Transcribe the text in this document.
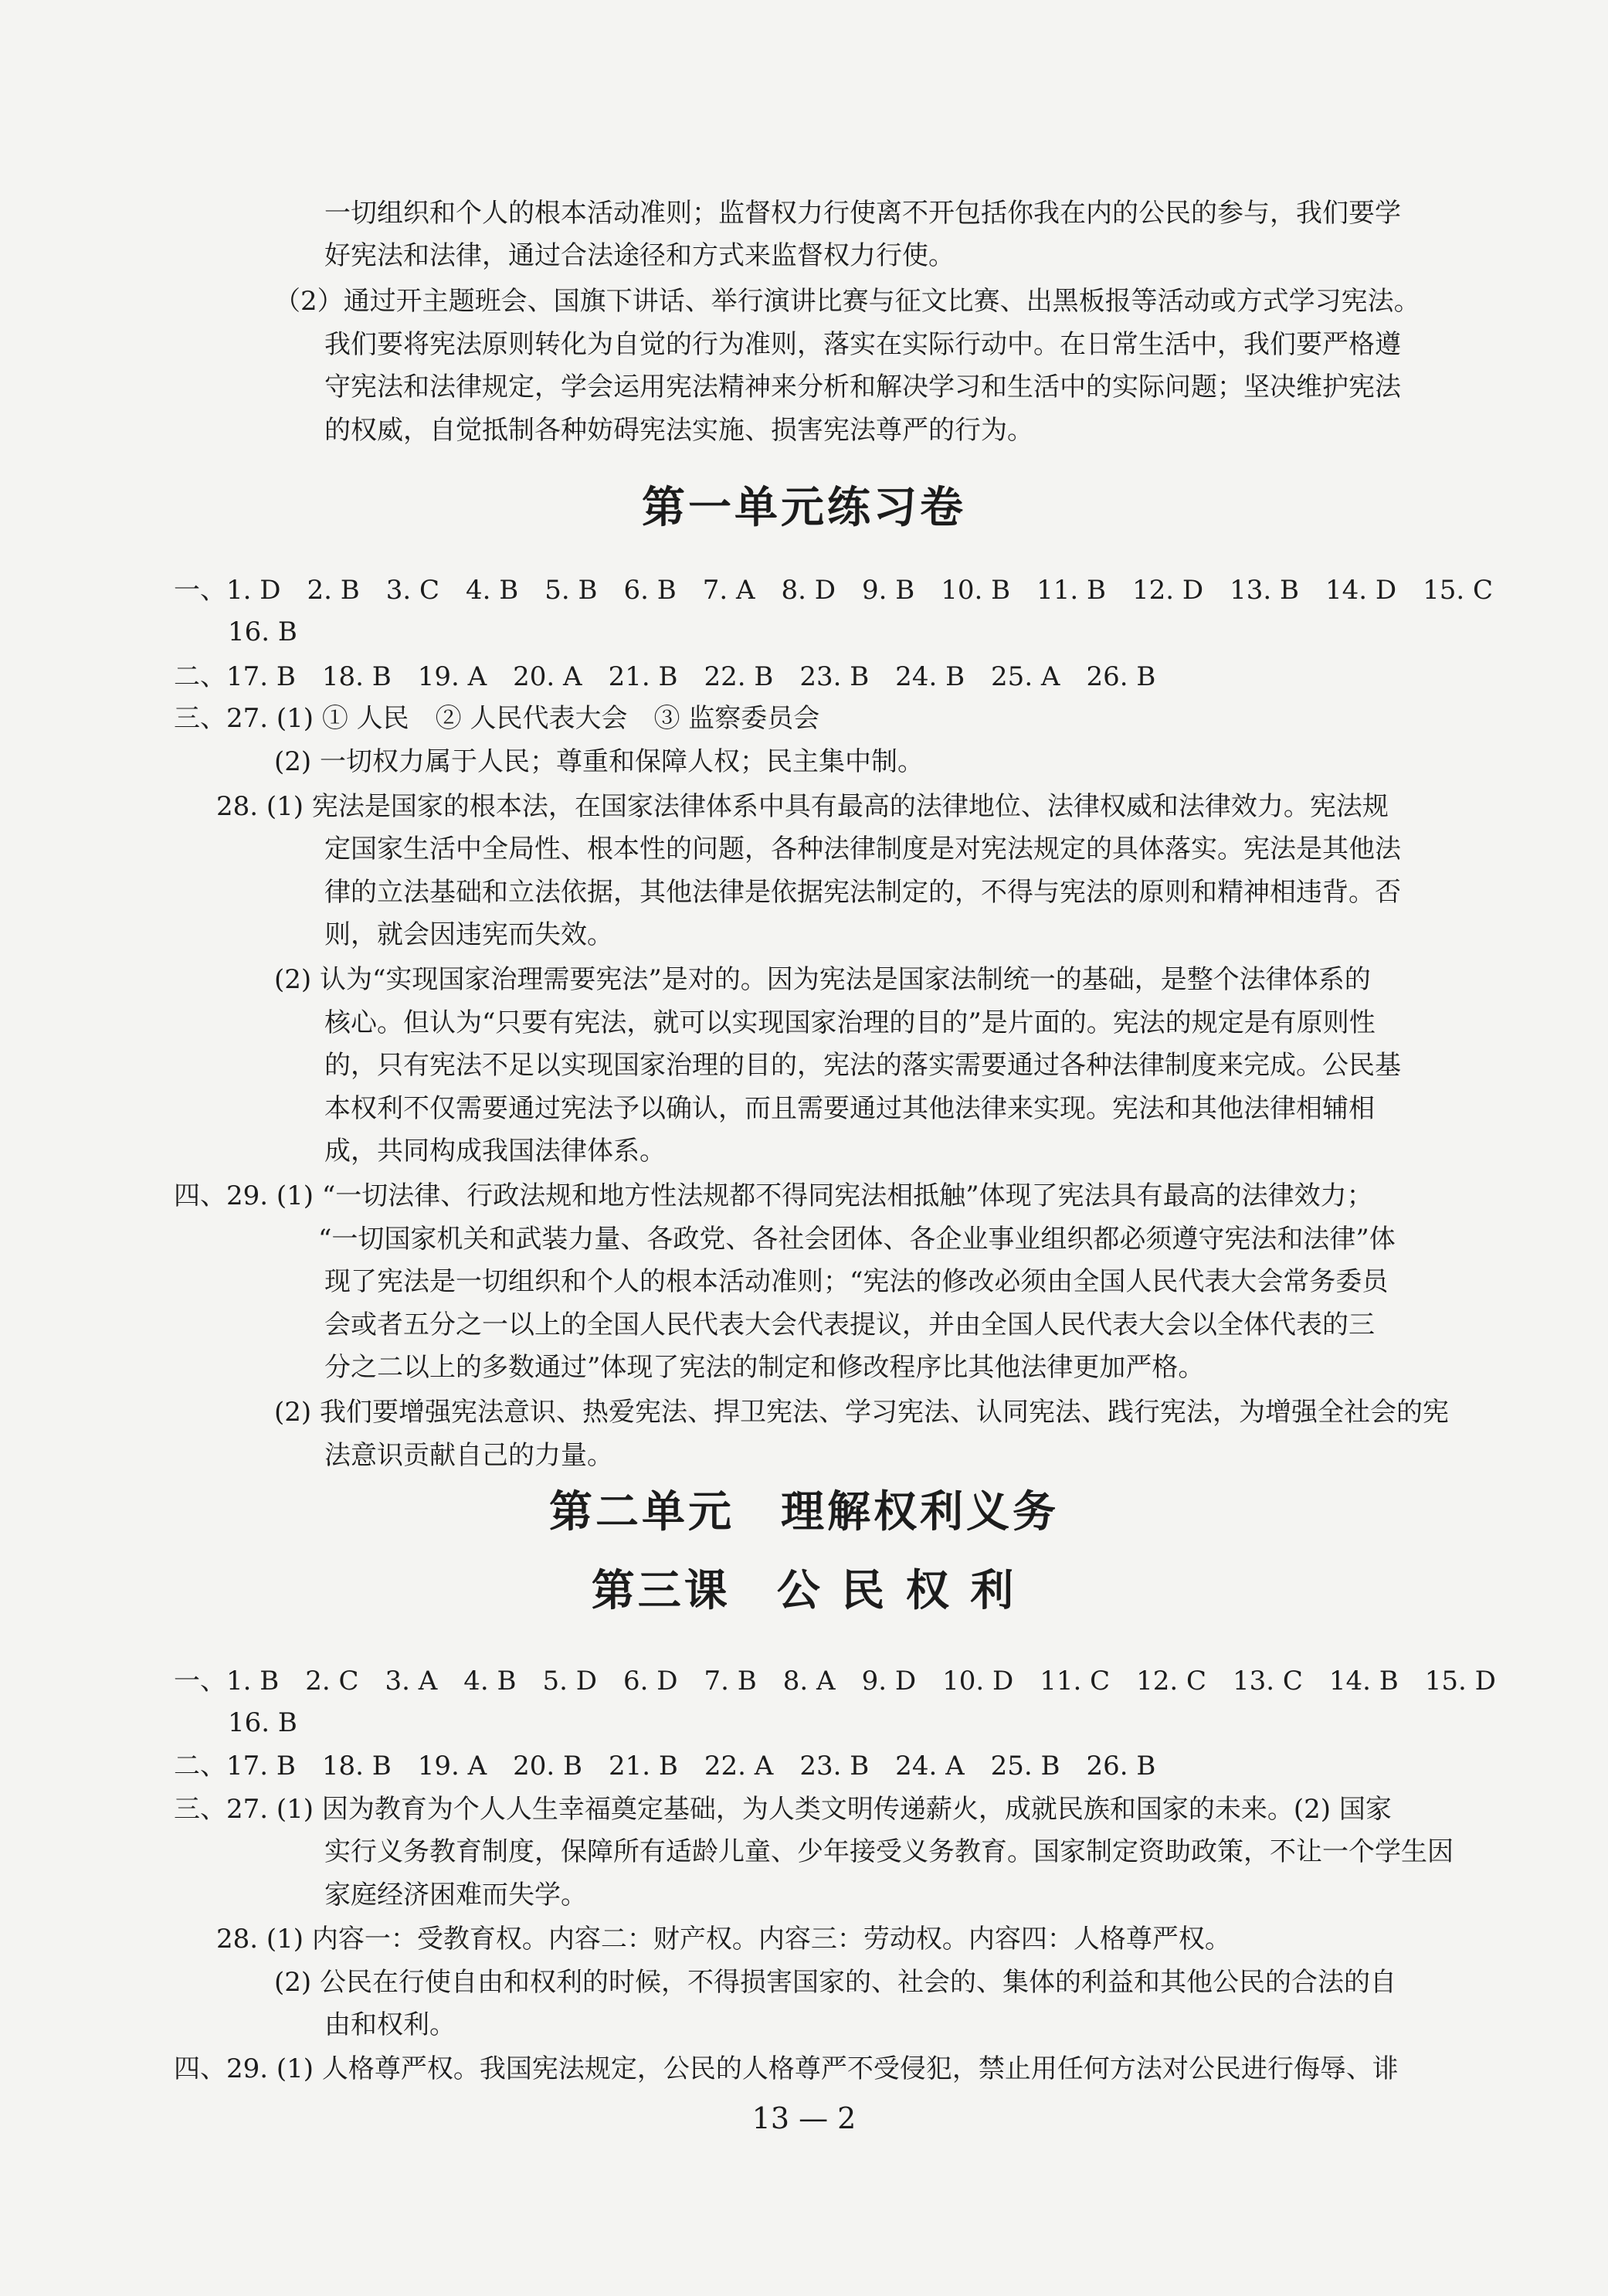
一切组织和个人的根本活动准则；监督权力行使离不开包括你我在内的公民的参与，我们要学
好宪法和法律，通过合法途径和方式来监督权力行使。
（2）通过开主题班会、国旗下讲话、举行演讲比赛与征文比赛、出黑板报等活动或方式学习宪法。
我们要将宪法原则转化为自觉的行为准则，落实在实际行动中。在日常生活中，我们要严格遵
守宪法和法律规定，学会运用宪法精神来分析和解决学习和生活中的实际问题；坚决维护宪法
的权威，自觉抵制各种妨碍宪法实施、损害宪法尊严的行为。
第一单元练习卷
一、1. D　2. B　3. C　4. B　5. B　6. B　7. A　8. D　9. B　10. B　11. B　12. D　13. B　14. D　15. C
16. B
二、17. B　18. B　19. A　20. A　21. B　22. B　23. B　24. B　25. A　26. B
三、27. (1) ① 人民　② 人民代表大会　③ 监察委员会
(2) 一切权力属于人民；尊重和保障人权；民主集中制。
28. (1) 宪法是国家的根本法，在国家法律体系中具有最高的法律地位、法律权威和法律效力。宪法规
定国家生活中全局性、根本性的问题，各种法律制度是对宪法规定的具体落实。宪法是其他法
律的立法基础和立法依据，其他法律是依据宪法制定的，不得与宪法的原则和精神相违背。否
则，就会因违宪而失效。
(2) 认为“实现国家治理需要宪法”是对的。因为宪法是国家法制统一的基础，是整个法律体系的
核心。但认为“只要有宪法，就可以实现国家治理的目的”是片面的。宪法的规定是有原则性
的，只有宪法不足以实现国家治理的目的，宪法的落实需要通过各种法律制度来完成。公民基
本权利不仅需要通过宪法予以确认，而且需要通过其他法律来实现。宪法和其他法律相辅相
成，共同构成我国法律体系。
四、29. (1) “一切法律、行政法规和地方性法规都不得同宪法相抵触”体现了宪法具有最高的法律效力；
“一切国家机关和武装力量、各政党、各社会团体、各企业事业组织都必须遵守宪法和法律”体
现了宪法是一切组织和个人的根本活动准则；“宪法的修改必须由全国人民代表大会常务委员
会或者五分之一以上的全国人民代表大会代表提议，并由全国人民代表大会以全体代表的三
分之二以上的多数通过”体现了宪法的制定和修改程序比其他法律更加严格。
(2) 我们要增强宪法意识、热爱宪法、捍卫宪法、学习宪法、认同宪法、践行宪法，为增强全社会的宪
法意识贡献自己的力量。
第二单元　理解权利义务
第三课　公 民 权 利
一、1. B　2. C　3. A　4. B　5. D　6. D　7. B　8. A　9. D　10. D　11. C　12. C　13. C　14. B　15. D
16. B
二、17. B　18. B　19. A　20. B　21. B　22. A　23. B　24. A　25. B　26. B
三、27. (1) 因为教育为个人人生幸福奠定基础，为人类文明传递薪火，成就民族和国家的未来。(2) 国家
实行义务教育制度，保障所有适龄儿童、少年接受义务教育。国家制定资助政策，不让一个学生因
家庭经济困难而失学。
28. (1) 内容一：受教育权。内容二：财产权。内容三：劳动权。内容四：人格尊严权。
(2) 公民在行使自由和权利的时候，不得损害国家的、社会的、集体的利益和其他公民的合法的自
由和权利。
四、29. (1) 人格尊严权。我国宪法规定，公民的人格尊严不受侵犯，禁止用任何方法对公民进行侮辱、诽
13 — 2
